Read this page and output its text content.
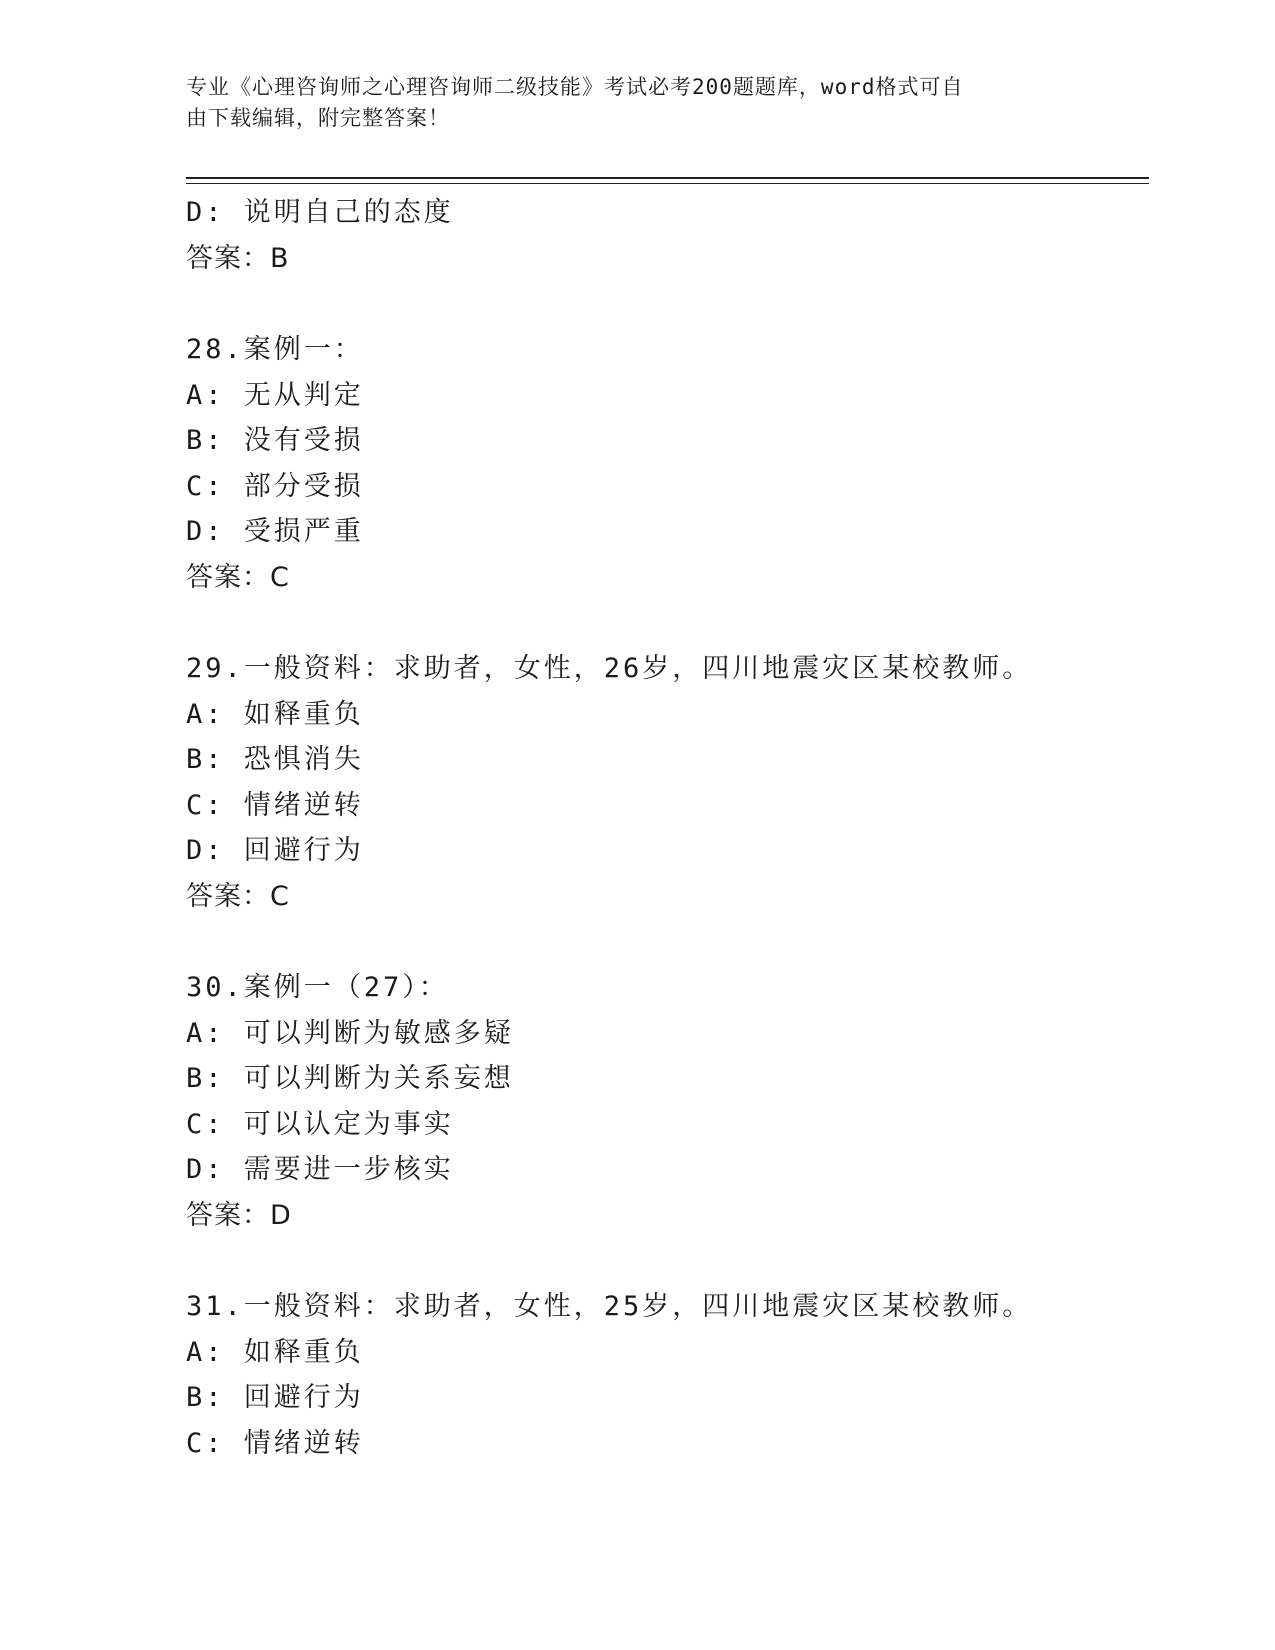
专业《心理咨询师之心理咨询师二级技能》考试必考200题题库，word格式可自
由下载编辑，附完整答案！
D: 说明自己的态度
答案：B
28.案例一：
A: 无从判定
B: 没有受损
C: 部分受损
D: 受损严重
答案：C
29.一般资料：求助者，女性，26岁，四川地震灾区某校教师。
A: 如释重负
B: 恐惧消失
C: 情绪逆转
D: 回避行为
答案：C
30.案例一（27）：
A: 可以判断为敏感多疑
B: 可以判断为关系妄想
C: 可以认定为事实
D: 需要进一步核实
答案：D
31.一般资料：求助者，女性，25岁，四川地震灾区某校教师。
A: 如释重负
B: 回避行为
C: 情绪逆转
